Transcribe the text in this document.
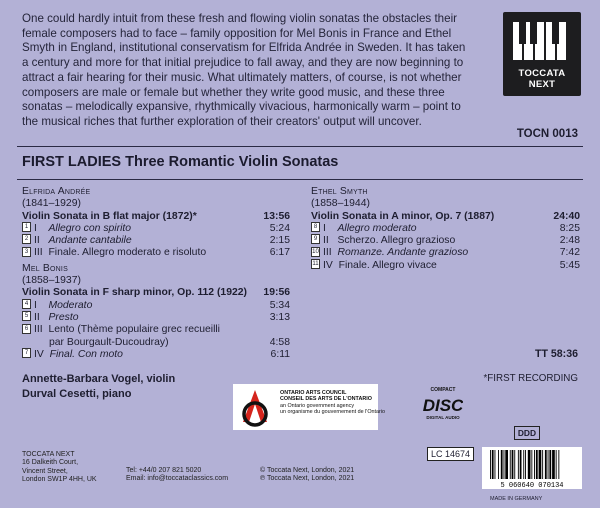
One could hardly intuit from these fresh and flowing violin sonatas the obstacles their
female composers had to face – family opposition for Mel Bonis in France and Ethel
Smyth in England, institutional conservatism for Elfrida Andrée in Sweden. It has taken
a century and more for that initial prejudice to fall away, and they are now beginning to
attract a fair hearing for their music. What ultimately matters, of course, is not whether
composers are male or female but whether they write good music, and these three
sonatas – melodically expansive, rhythmically vivacious, harmonically warm – point to
the musical riches that further exploration of their creators' output will uncover.
TOCCATA
NEXT
TOCN 0013
FIRST LADIES Three Romantic Violin Sonatas
Elfrida Andrée
(1841–1929)
Violin Sonata in B flat major (1872)*	13:56
1 I Allegro con spirito	5:24
2 II Andante cantabile	2:15
3 III Finale. Allegro moderato e risoluto	6:17
Mel Bonis
(1858–1937)
Violin Sonata in F sharp minor, Op. 112 (1922) 19:56
4 I Moderato	5:34
5 II Presto	3:13
6 III Lento (Thème populaire grec recueilli
par Bourgault-Ducoudray)	4:58
7 IV Final. Con moto	6:11
Ethel Smyth
(1858–1944)
Violin Sonata in A minor, Op. 7 (1887)	24:40
8 I Allegro moderato	8:25
9 II Scherzo. Allegro grazioso	2:48
10 III Romanze. Andante grazioso	7:42
11 IV Finale. Allegro vivace	5:45
TT 58:36
Annette-Barbara Vogel, violin
Durval Cesetti, piano
*FIRST RECORDING
ONTARIO ARTS COUNCIL
CONSEIL DES ARTS DE L'ONTARIO
an Ontario government agency
un organisme du gouvernement de l'Ontario
COMPACT
DISC
DIGITAL AUDIO
DDD
LC 14674
TOCCATA NEXT
16 Dalkeith Court,
Vincent Street,
London SW1P 4HH, UK
Tel: +44/0 207 821 5020
Email: info@toccataclassics.com
© Toccata Next, London, 2021
℗ Toccata Next, London, 2021
5 060640 070134
MADE IN GERMANY
